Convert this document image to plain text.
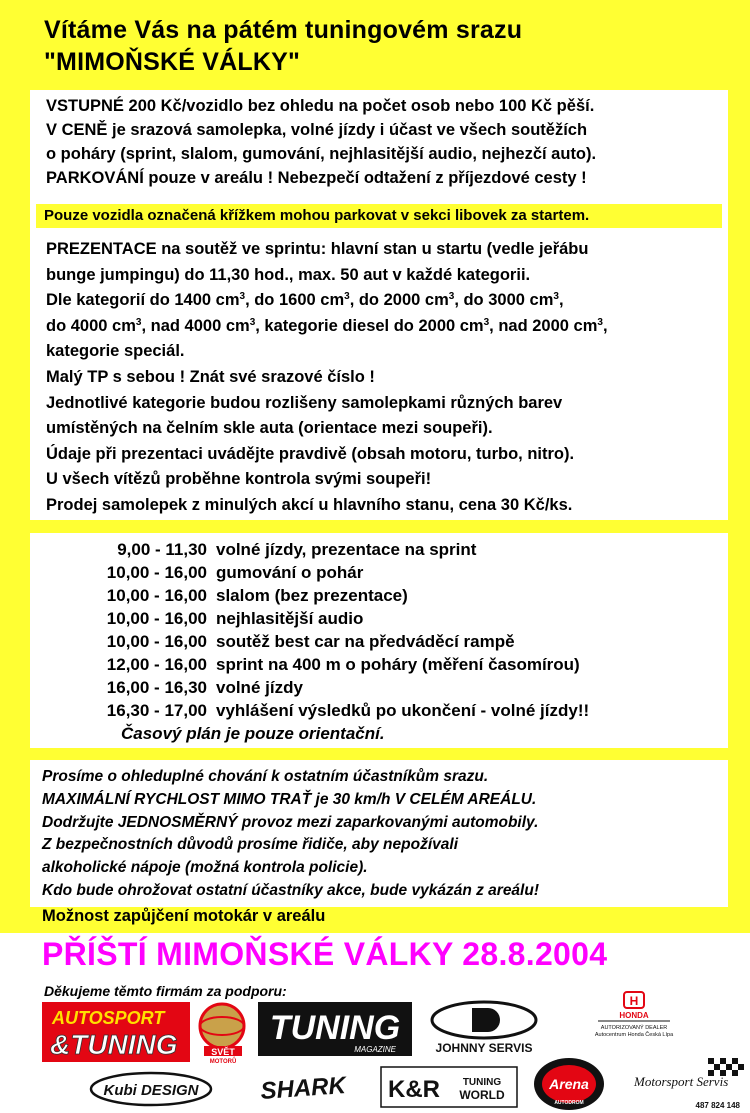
Vítáme Vás na pátém tuningovém srazu
"MIMOŇSKÉ VÁLKY"
VSTUPNÉ 200 Kč/vozidlo bez ohledu na počet osob nebo 100 Kč pěší.
V CENĚ je srazová samolepka, volné jízdy i účast ve všech soutěžích
o poháry (sprint, slalom, gumování, nejhlasitější audio, nejhezčí auto).
PARKOVÁNÍ pouze v areálu ! Nebezpečí odtažení z příjezdové cesty !
Pouze vozidla označená křížkem mohou parkovat v sekci libovek za startem.
PREZENTACE na soutěž ve sprintu: hlavní stan u startu (vedle jeřábu
bunge jumpingu) do 11,30 hod., max. 50 aut v každé kategorii.
Dle kategorií do 1400 $cm^3$, do 1600 $cm^3$, do 2000 $cm^3$, do 3000 $cm^3$,
do 4000 $cm^3$, nad 4000 $cm^3$, kategorie diesel do 2000 $cm^3$, nad 2000 $cm^3$,
kategorie speciál.
Malý TP s sebou ! Znát své srazové číslo !
Jednotlivé kategorie budou rozlišeny samolepkami různých barev
umístěných na čelním skle auta (orientace mezi soupeři).
Údaje při prezentaci uvádějte pravdivě (obsah motoru, turbo, nitro).
U všech vítězů proběhne kontrola svými soupeři!
Prodej samolepek z minulých akcí u hlavního stanu, cena 30 Kč/ks.
9,00 - 11,30 volné jízdy, prezentace na sprint
10,00 - 16,00 gumování o pohár
10,00 - 16,00 slalom (bez prezentace)
10,00 - 16,00 nejhlasitější audio
10,00 - 16,00 soutěž best car na předváděcí rampě
12,00 - 16,00 sprint na 400 m o poháry (měření časomírou)
16,00 - 16,30 volné jízdy
16,30 - 17,00 vyhlášení výsledků po ukončení - volné jízdy!!
Časový plán je pouze orientační.
Prosíme o ohleduplné chování k ostatním účastníkům srazu.
MAXIMÁLNÍ RYCHLOST MIMO TRAŤ je 30 km/h V CELÉM AREÁLU.
Dodržujte JEDNOSMĚRNÝ provoz mezi zaparkovanými automobily.
Z bezpečnostních důvodů prosíme řidiče, aby nepožívali
alkoholické nápoje (možná kontrola policie).
Kdo bude ohrožovat ostatní účastníky akce, bude vykázán z areálu!
Možnost zapůjčení motokár v areálu
PŘÍŠTÍ MIMOŇSKÉ VÁLKY 28.8.2004
Děkujeme těmto firmám za podporu:
AUTOSPORT
&TUNING	SVĚT
MOTORŮ
TUNING
MAGAZINE	JOHNNY SERVIS
H
HONDA
AUTORIZOVANÝ DEALER
Autocentrum Honda Česká Lípa
Kubi DESIGN	SHARK K&R TUNING
WORLD
Arena
AUTODROM
Motorsport Servis
487 824 148
